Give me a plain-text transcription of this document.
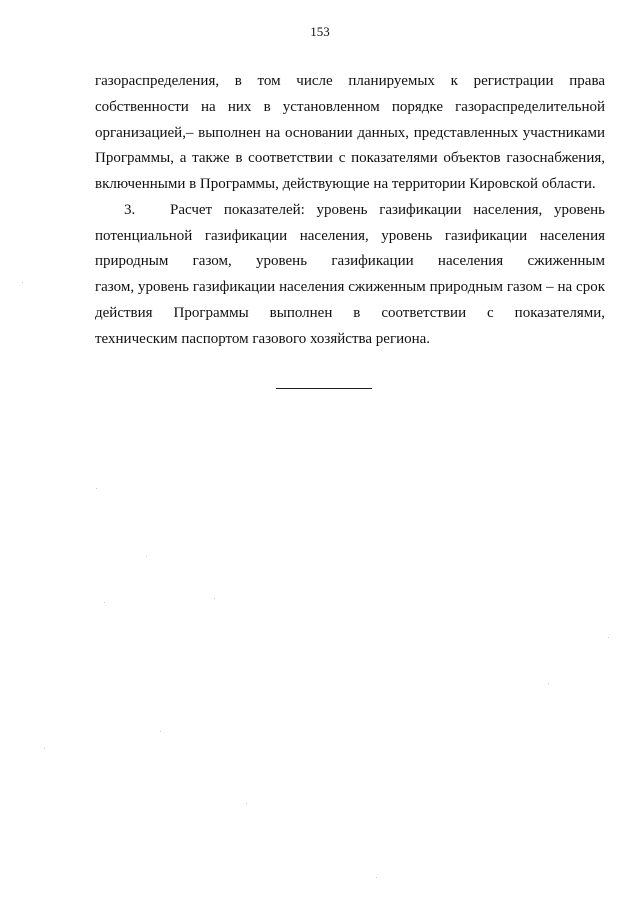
153
газораспределения, в том числе планируемых к регистрации права
собственности на них в установленном порядке газораспределительной
организацией,– выполнен на основании данных, представленных участниками
Программы, а также в соответствии с показателями объектов газоснабжения,
включенными в Программы, действующие на территории Кировской области.
3. Расчет показателей: уровень газификации населения, уровень
потенциальной газификации населения, уровень газификации населения
природным газом, уровень газификации населения сжиженным
газом, уровень газификации населения сжиженным природным газом – на срок
действия Программы выполнен в соответствии с показателями,
техническим паспортом газового хозяйства региона.
